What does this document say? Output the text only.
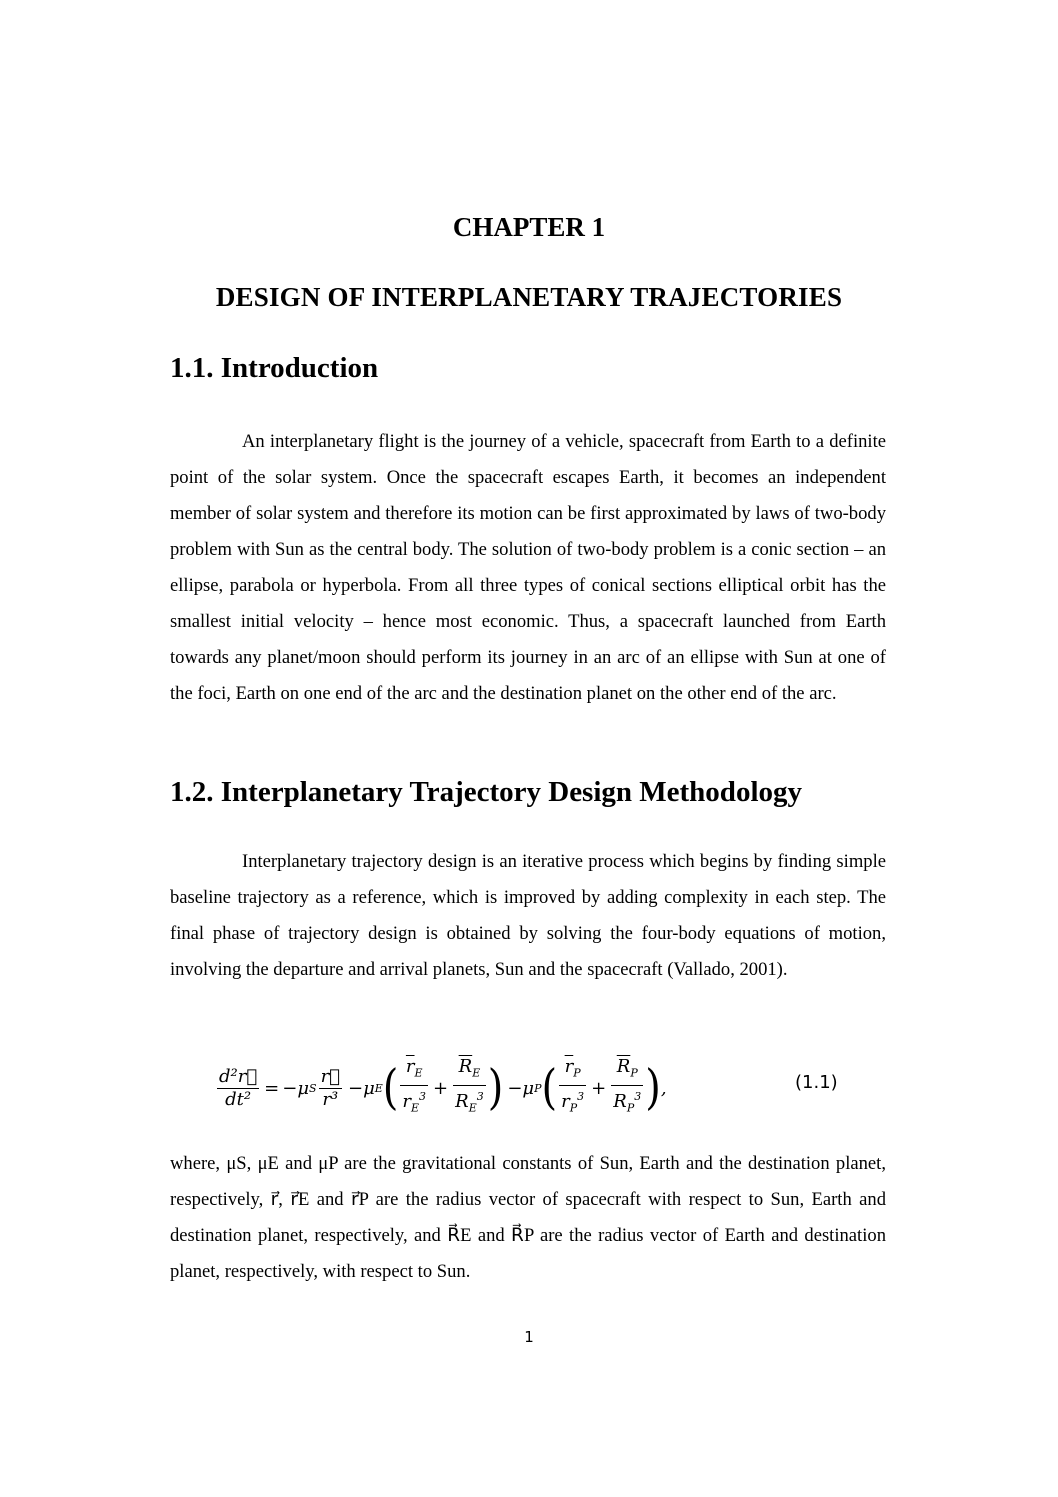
CHAPTER 1
DESIGN OF INTERPLANETARY TRAJECTORIES
1.1. Introduction
An interplanetary flight is the journey of a vehicle, spacecraft from Earth to a definite point of the solar system. Once the spacecraft escapes Earth, it becomes an independent member of solar system and therefore its motion can be first approximated by laws of two-body problem with Sun as the central body. The solution of two-body problem is a conic section – an ellipse, parabola or hyperbola. From all three types of conical sections elliptical orbit has the smallest initial velocity – hence most economic. Thus, a spacecraft launched from Earth towards any planet/moon should perform its journey in an arc of an ellipse with Sun at one of the foci, Earth on one end of the arc and the destination planet on the other end of the arc.
1.2. Interplanetary Trajectory Design Methodology
Interplanetary trajectory design is an iterative process which begins by finding simple baseline trajectory as a reference, which is improved by adding complexity in each step. The final phase of trajectory design is obtained by solving the four-body equations of motion, involving the departure and arrival planets, Sun and the spacecraft (Vallado, 2001).
$\frac{\text{d²r⃗}}{\text{dt²}} = -\mu$ S $\frac{r⃗}{\text{r³}} -\mu$ E ( $\frac{\overline{r}_E}{r_E^3} + \frac{\overline{R}_E}{R_E^3}$ ) −μ P ( $\frac{\overline{r}_P}{r_P^3} + \frac{\overline{R}_P}{R_P^3}$ ) ,	(1.1)
where, μS, μE and μP are the gravitational constants of Sun, Earth and the destination planet, respectively, r⃗, r⃗E and r⃗P are the radius vector of spacecraft with respect to Sun, Earth and destination planet, respectively, and R⃗E and R⃗P are the radius vector of Earth and destination planet, respectively, with respect to Sun.
1
